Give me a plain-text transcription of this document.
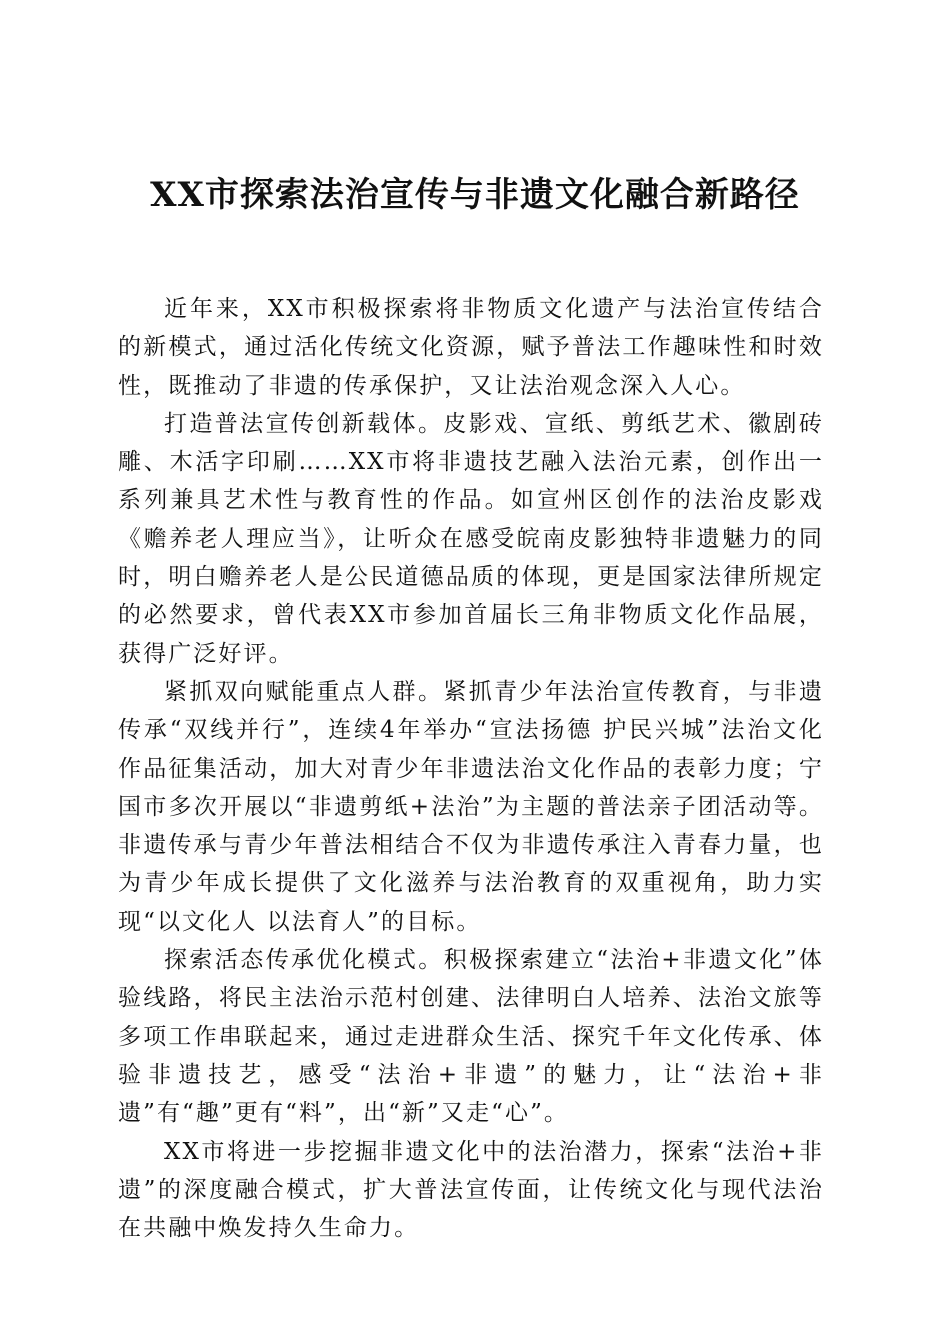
XX市探索法治宣传与非遗文化融合新路径

近年来，XX市积极探索将非物质文化遗产与法治宣传结合的新模式，通过活化传统文化资源，赋予普法工作趣味性和时效性，既推动了非遗的传承保护，又让法治观念深入人心。

打造普法宣传创新载体。皮影戏、宣纸、剪纸艺术、徽剧砖雕、木活字印刷……XX市将非遗技艺融入法治元素，创作出一系列兼具艺术性与教育性的作品。如宣州区创作的法治皮影戏《赡养老人理应当》，让听众在感受皖南皮影独特非遗魅力的同时，明白赡养老人是公民道德品质的体现，更是国家法律所规定的必然要求，曾代表XX市参加首届长三角非物质文化作品展，获得广泛好评。

紧抓双向赋能重点人群。紧抓青少年法治宣传教育，与非遗传承“双线并行”，连续4年举办“宣法扬德 护民兴城”法治文化作品征集活动，加大对青少年非遗法治文化作品的表彰力度；宁国市多次开展以“非遗剪纸+法治”为主题的普法亲子团活动等。非遗传承与青少年普法相结合不仅为非遗传承注入青春力量，也为青少年成长提供了文化滋养与法治教育的双重视角，助力实现“以文化人 以法育人”的目标。

探索活态传承优化模式。积极探索建立“法治+非遗文化”体验线路，将民主法治示范村创建、法律明白人培养、法治文旅等多项工作串联起来，通过走进群众生活、探究千年文化传承、体验非遗技艺，感受“法治+非遗”的魅力，让“法治+非遗”有“趣”更有“料”，出“新”又走“心”。

XX市将进一步挖掘非遗文化中的法治潜力，探索“法治+非遗”的深度融合模式，扩大普法宣传面，让传统文化与现代法治在共融中焕发持久生命力。
